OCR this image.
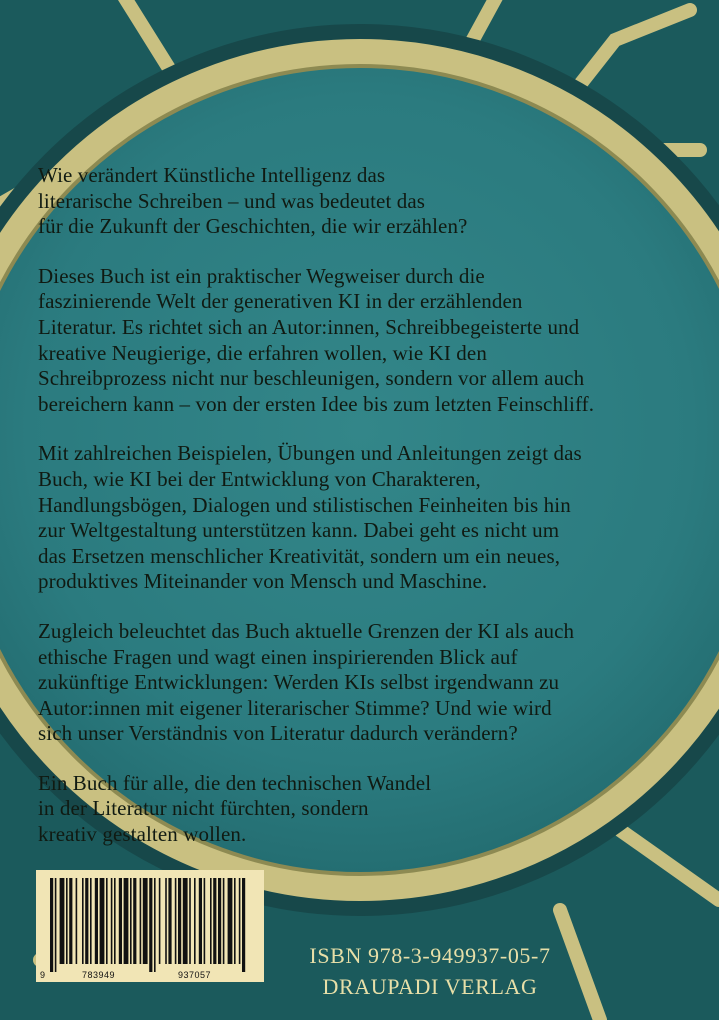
Wie verändert Künstliche Intelligenz das
literarische Schreiben – und was bedeutet das
für die Zukunft der Geschichten, die wir erzählen?

Dieses Buch ist ein praktischer Wegweiser durch die
faszinierende Welt der generativen KI in der erzählenden
Literatur. Es richtet sich an Autor:innen, Schreibbegeisterte und
kreative Neugierige, die erfahren wollen, wie KI den
Schreibprozess nicht nur beschleunigen, sondern vor allem auch
bereichern kann – von der ersten Idee bis zum letzten Feinschliff.

Mit zahlreichen Beispielen, Übungen und Anleitungen zeigt das
Buch, wie KI bei der Entwicklung von Charakteren,
Handlungsbögen, Dialogen und stilistischen Feinheiten bis hin
zur Weltgestaltung unterstützen kann. Dabei geht es nicht um
das Ersetzen menschlicher Kreativität, sondern um ein neues,
produktives Miteinander von Mensch und Maschine.

Zugleich beleuchtet das Buch aktuelle Grenzen der KI als auch
ethische Fragen und wagt einen inspirierenden Blick auf
zukünftige Entwicklungen: Werden KIs selbst irgendwann zu
Autor:innen mit eigener literarischer Stimme? Und wie wird
sich unser Verständnis von Literatur dadurch verändern?

Ein Buch für alle, die den technischen Wandel
in der Literatur nicht fürchten, sondern
kreativ gestalten wollen.

9	783949	937057
ISBN 978-3-949937-05-7
DRAUPADI VERLAG
